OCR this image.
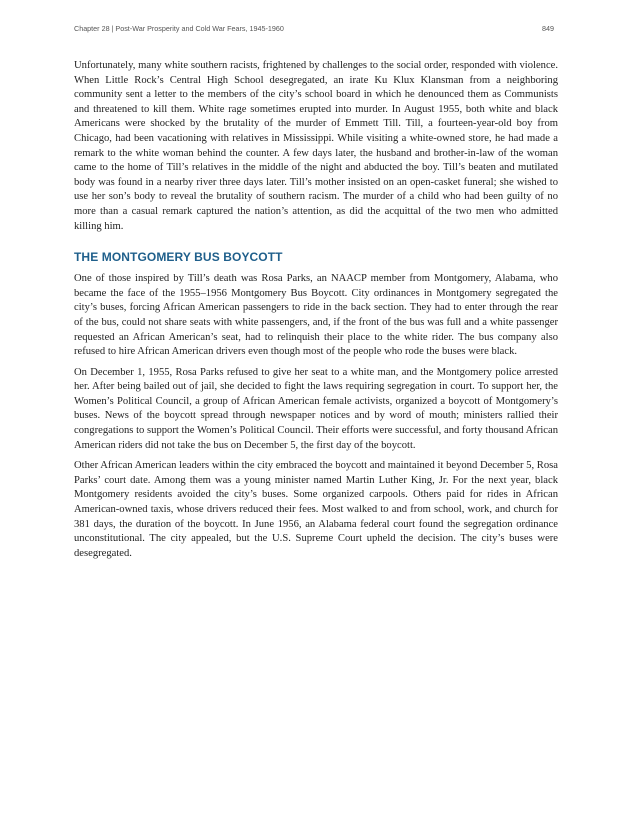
Chapter 28 | Post-War Prosperity and Cold War Fears, 1945-1960	849

Unfortunately, many white southern racists, frightened by challenges to the social order, responded with violence. When Little Rock’s Central High School desegregated, an irate Ku Klux Klansman from a neighboring community sent a letter to the members of the city’s school board in which he denounced them as Communists and threatened to kill them. White rage sometimes erupted into murder. In August 1955, both white and black Americans were shocked by the brutality of the murder of Emmett Till. Till, a fourteen-year-old boy from Chicago, had been vacationing with relatives in Mississippi. While visiting a white-owned store, he had made a remark to the white woman behind the counter. A few days later, the husband and brother-in-law of the woman came to the home of Till’s relatives in the middle of the night and abducted the boy. Till’s beaten and mutilated body was found in a nearby river three days later. Till’s mother insisted on an open-casket funeral; she wished to use her son’s body to reveal the brutality of southern racism. The murder of a child who had been guilty of no more than a casual remark captured the nation’s attention, as did the acquittal of the two men who admitted killing him.

THE MONTGOMERY BUS BOYCOTT

One of those inspired by Till’s death was Rosa Parks, an NAACP member from Montgomery, Alabama, who became the face of the 1955–1956 Montgomery Bus Boycott. City ordinances in Montgomery segregated the city’s buses, forcing African American passengers to ride in the back section. They had to enter through the rear of the bus, could not share seats with white passengers, and, if the front of the bus was full and a white passenger requested an African American’s seat, had to relinquish their place to the white rider. The bus company also refused to hire African American drivers even though most of the people who rode the buses were black.

On December 1, 1955, Rosa Parks refused to give her seat to a white man, and the Montgomery police arrested her. After being bailed out of jail, she decided to fight the laws requiring segregation in court. To support her, the Women’s Political Council, a group of African American female activists, organized a boycott of Montgomery’s buses. News of the boycott spread through newspaper notices and by word of mouth; ministers rallied their congregations to support the Women’s Political Council. Their efforts were successful, and forty thousand African American riders did not take the bus on December 5, the first day of the boycott.

Other African American leaders within the city embraced the boycott and maintained it beyond December 5, Rosa Parks’ court date. Among them was a young minister named Martin Luther King, Jr. For the next year, black Montgomery residents avoided the city’s buses. Some organized carpools. Others paid for rides in African American-owned taxis, whose drivers reduced their fees. Most walked to and from school, work, and church for 381 days, the duration of the boycott. In June 1956, an Alabama federal court found the segregation ordinance unconstitutional. The city appealed, but the U.S. Supreme Court upheld the decision. The city’s buses were desegregated.
